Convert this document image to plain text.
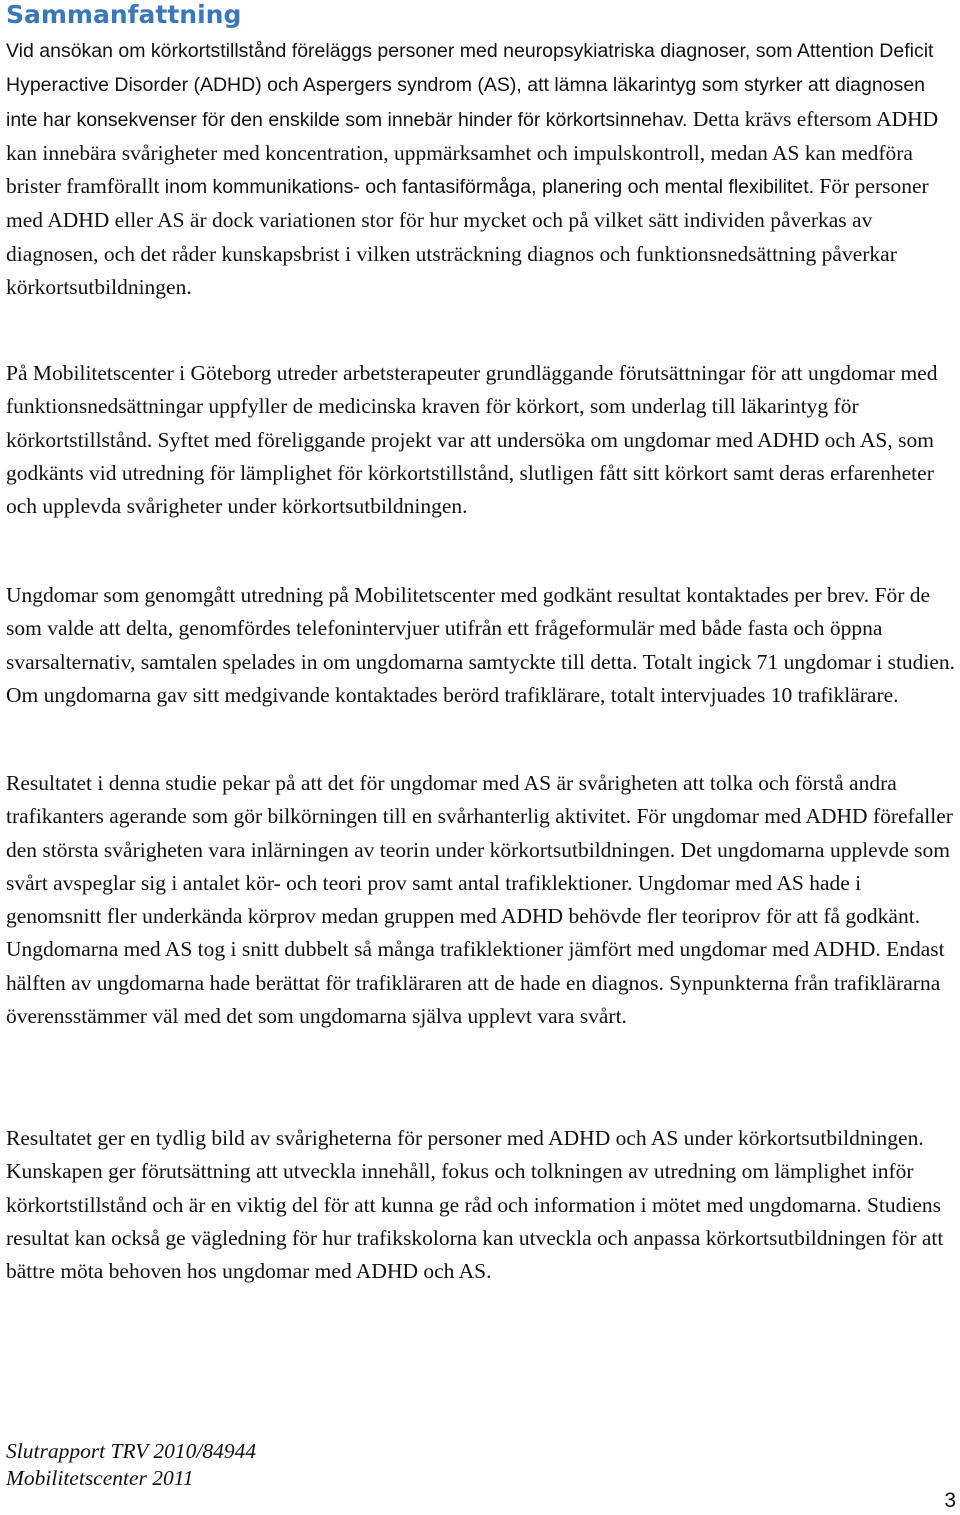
Sammanfattning

Vid ansökan om körkortstillstånd föreläggs personer med neuropsykiatriska diagnoser, som Attention Deficit Hyperactive Disorder (ADHD) och Aspergers syndrom (AS), att lämna läkarintyg som styrker att diagnosen inte har konsekvenser för den enskilde som innebär hinder för körkortsinnehav. Detta krävs eftersom ADHD kan innebära svårigheter med koncentration, uppmärksamhet och impulskontroll, medan AS kan medföra brister framförallt inom kommunikations- och fantasiförmåga, planering och mental flexibilitet. För personer med ADHD eller AS är dock variationen stor för hur mycket och på vilket sätt individen påverkas av diagnosen, och det råder kunskapsbrist i vilken utsträckning diagnos och funktionsnedsättning påverkar körkortsutbildningen.

På Mobilitetscenter i Göteborg utreder arbetsterapeuter grundläggande förutsättningar för att ungdomar med funktionsnedsättningar uppfyller de medicinska kraven för körkort, som underlag till läkarintyg för körkortstillstånd. Syftet med föreliggande projekt var att undersöka om ungdomar med ADHD och AS, som godkänts vid utredning för lämplighet för körkortstillstånd, slutligen fått sitt körkort samt deras erfarenheter och upplevda svårigheter under körkortsutbildningen.

Ungdomar som genomgått utredning på Mobilitetscenter med godkänt resultat kontaktades per brev. För de som valde att delta, genomfördes telefonintervjuer utifrån ett frågeformulär med både fasta och öppna svarsalternativ, samtalen spelades in om ungdomarna samtyckte till detta. Totalt ingick 71 ungdomar i studien. Om ungdomarna gav sitt medgivande kontaktades berörd trafiklärare, totalt intervjuades 10 trafiklärare.

Resultatet i denna studie pekar på att det för ungdomar med AS är svårigheten att tolka och förstå andra trafikanters agerande som gör bilkörningen till en svårhanterlig aktivitet. För ungdomar med ADHD förefaller den största svårigheten vara inlärningen av teorin under körkortsutbildningen. Det ungdomarna upplevde som svårt avspeglar sig i antalet kör- och teori prov samt antal trafiklektioner. Ungdomar med AS hade i genomsnitt fler underkända körprov medan gruppen med ADHD behövde fler teoriprov för att få godkänt. Ungdomarna med AS tog i snitt dubbelt så många trafiklektioner jämfört med ungdomar med ADHD. Endast hälften av ungdomarna hade berättat för trafikläraren att de hade en diagnos. Synpunkterna från trafiklärarna överensstämmer väl med det som ungdomarna själva upplevt vara svårt.

Resultatet ger en tydlig bild av svårigheterna för personer med ADHD och AS under körkortsutbildningen. Kunskapen ger förutsättning att utveckla innehåll, fokus och tolkningen av utredning om lämplighet inför körkortstillstånd och är en viktig del för att kunna ge råd och information i mötet med ungdomarna. Studiens resultat kan också ge vägledning för hur trafikskolorna kan utveckla och anpassa körkortsutbildningen för att bättre möta behoven hos ungdomar med ADHD och AS.

Slutrapport TRV 2010/84944

Mobilitetscenter 2011

3
